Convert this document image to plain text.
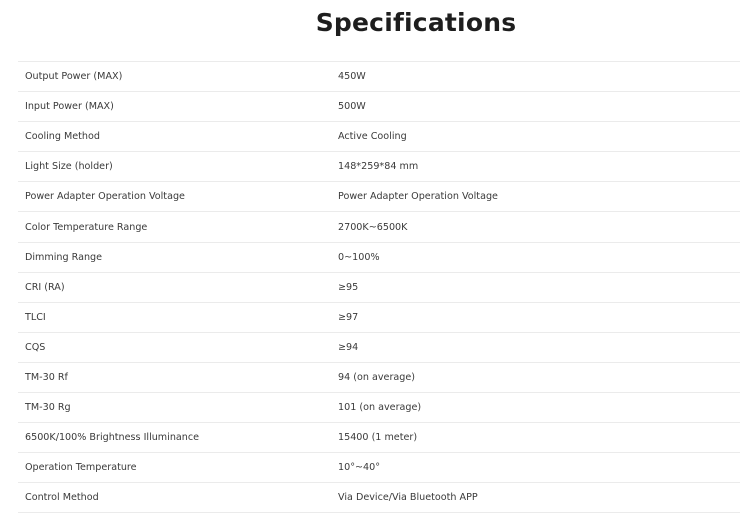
Specifications
Output Power (MAX)	450W
Input Power (MAX)	500W
Cooling Method	Active Cooling
Light Size (holder)	148*259*84 mm
Power Adapter Operation Voltage	Power Adapter Operation Voltage
Color Temperature Range	2700K~6500K
Dimming Range	0~100%
CRI (RA)	≥95
TLCI	≥97
CQS	≥94
TM-30 Rf	94 (on average)
TM-30 Rg	101 (on average)
6500K/100% Brightness Illuminance	15400 (1 meter)
Operation Temperature	10°~40°
Control Method	Via Device/Via Bluetooth APP
